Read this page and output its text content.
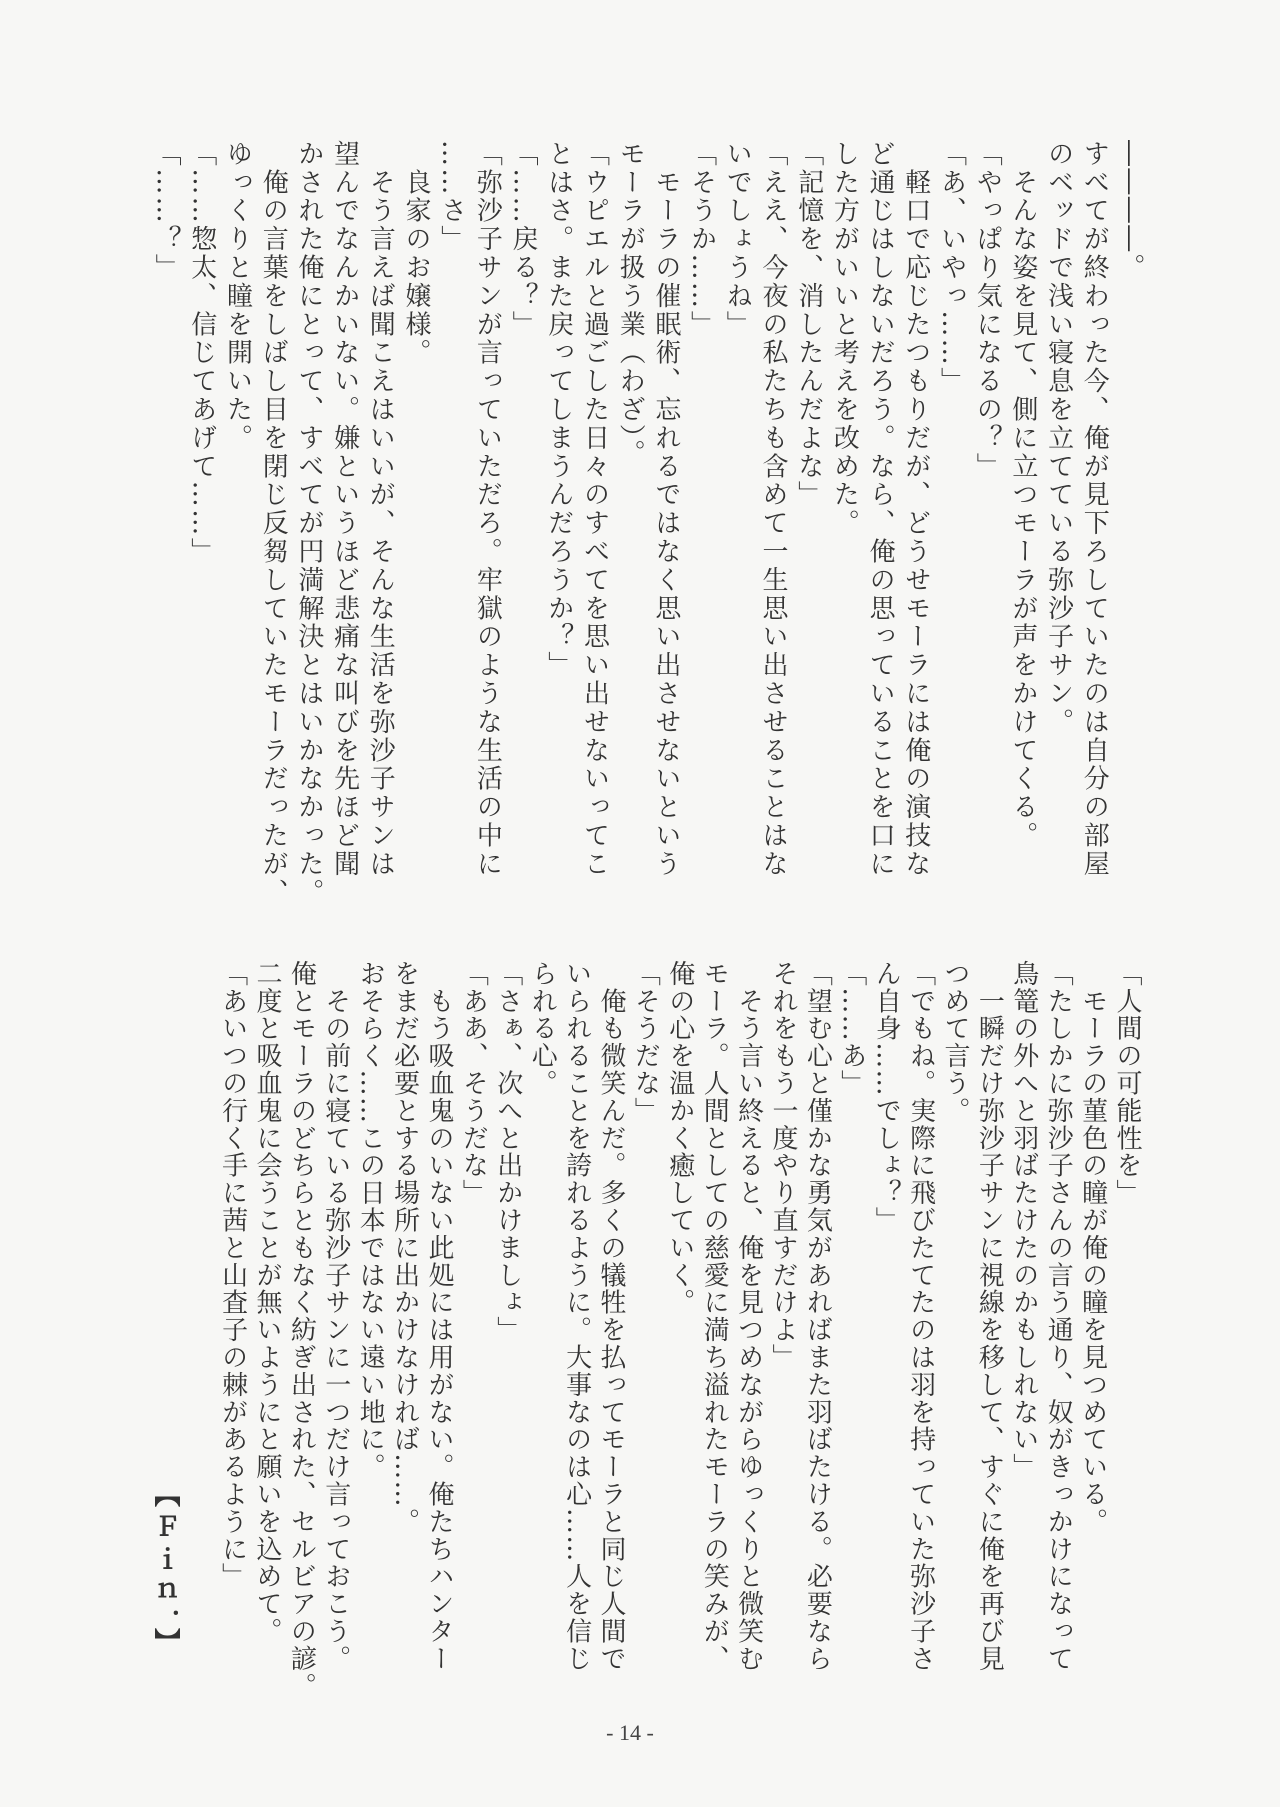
――――。
すべてが終わった今、俺が見下ろしていたのは自分の部屋
のベッドで浅い寝息を立てている弥沙子サン。
　そんな姿を見て、側に立つモーラが声をかけてくる。
「やっぱり気になるの？」
「あ、いやっ……」
　軽口で応じたつもりだが、どうせモーラには俺の演技な
ど通じはしないだろう。なら、俺の思っていることを口に
した方がいいと考えを改めた。
「記憶を、消したんだよな」
「ええ、今夜の私たちも含めて一生思い出させることはな
いでしょうね」
「そうか……」
　モーラの催眠術、忘れるではなく思い出させないという
モーラが扱う業（わざ）。
「ウピエルと過ごした日々のすべてを思い出せないってこ
とはさ。また戻ってしまうんだろうか？」
「……戻る？」
「弥沙子サンが言っていただろ。牢獄のような生活の中に
……さ」
　良家のお嬢様。
　そう言えば聞こえはいいが、そんな生活を弥沙子サンは
望んでなんかいない。嫌というほど悲痛な叫びを先ほど聞
かされた俺にとって、すべてが円満解決とはいかなかった。
　俺の言葉をしばし目を閉じ反芻していたモーラだったが、
ゆっくりと瞳を開いた。
「……惣太、信じてあげて……」
「……？」
「人間の可能性を」
　モーラの菫色の瞳が俺の瞳を見つめている。
「たしかに弥沙子さんの言う通り、奴がきっかけになって
鳥篭の外へと羽ばたけたのかもしれない」
　一瞬だけ弥沙子サンに視線を移して、すぐに俺を再び見
つめて言う。
「でもね。実際に飛びたてたのは羽を持っていた弥沙子さ
ん自身……でしょ？」
「……あ」
「望む心と僅かな勇気があればまた羽ばたける。必要なら
それをもう一度やり直すだけよ」
　そう言い終えると、俺を見つめながらゆっくりと微笑む
モーラ。人間としての慈愛に満ち溢れたモーラの笑みが、
俺の心を温かく癒していく。
「そうだな」
　俺も微笑んだ。多くの犠牲を払ってモーラと同じ人間で
いられることを誇れるように。大事なのは心……人を信じ
られる心。
「さぁ、次へと出かけましょ」
「ああ、そうだな」
　もう吸血鬼のいない此処には用がない。俺たちハンター
をまだ必要とする場所に出かけなければ……。
おそらく……この日本ではない遠い地に。
　その前に寝ている弥沙子サンに一つだけ言っておこう。
俺とモーラのどちらともなく紡ぎ出された、セルビアの諺。
二度と吸血鬼に会うことが無いようにと願いを込めて。
「あいつの行く手に茜と山査子の棘があるように」
【Ｆｉｎ．】
- 14 -
